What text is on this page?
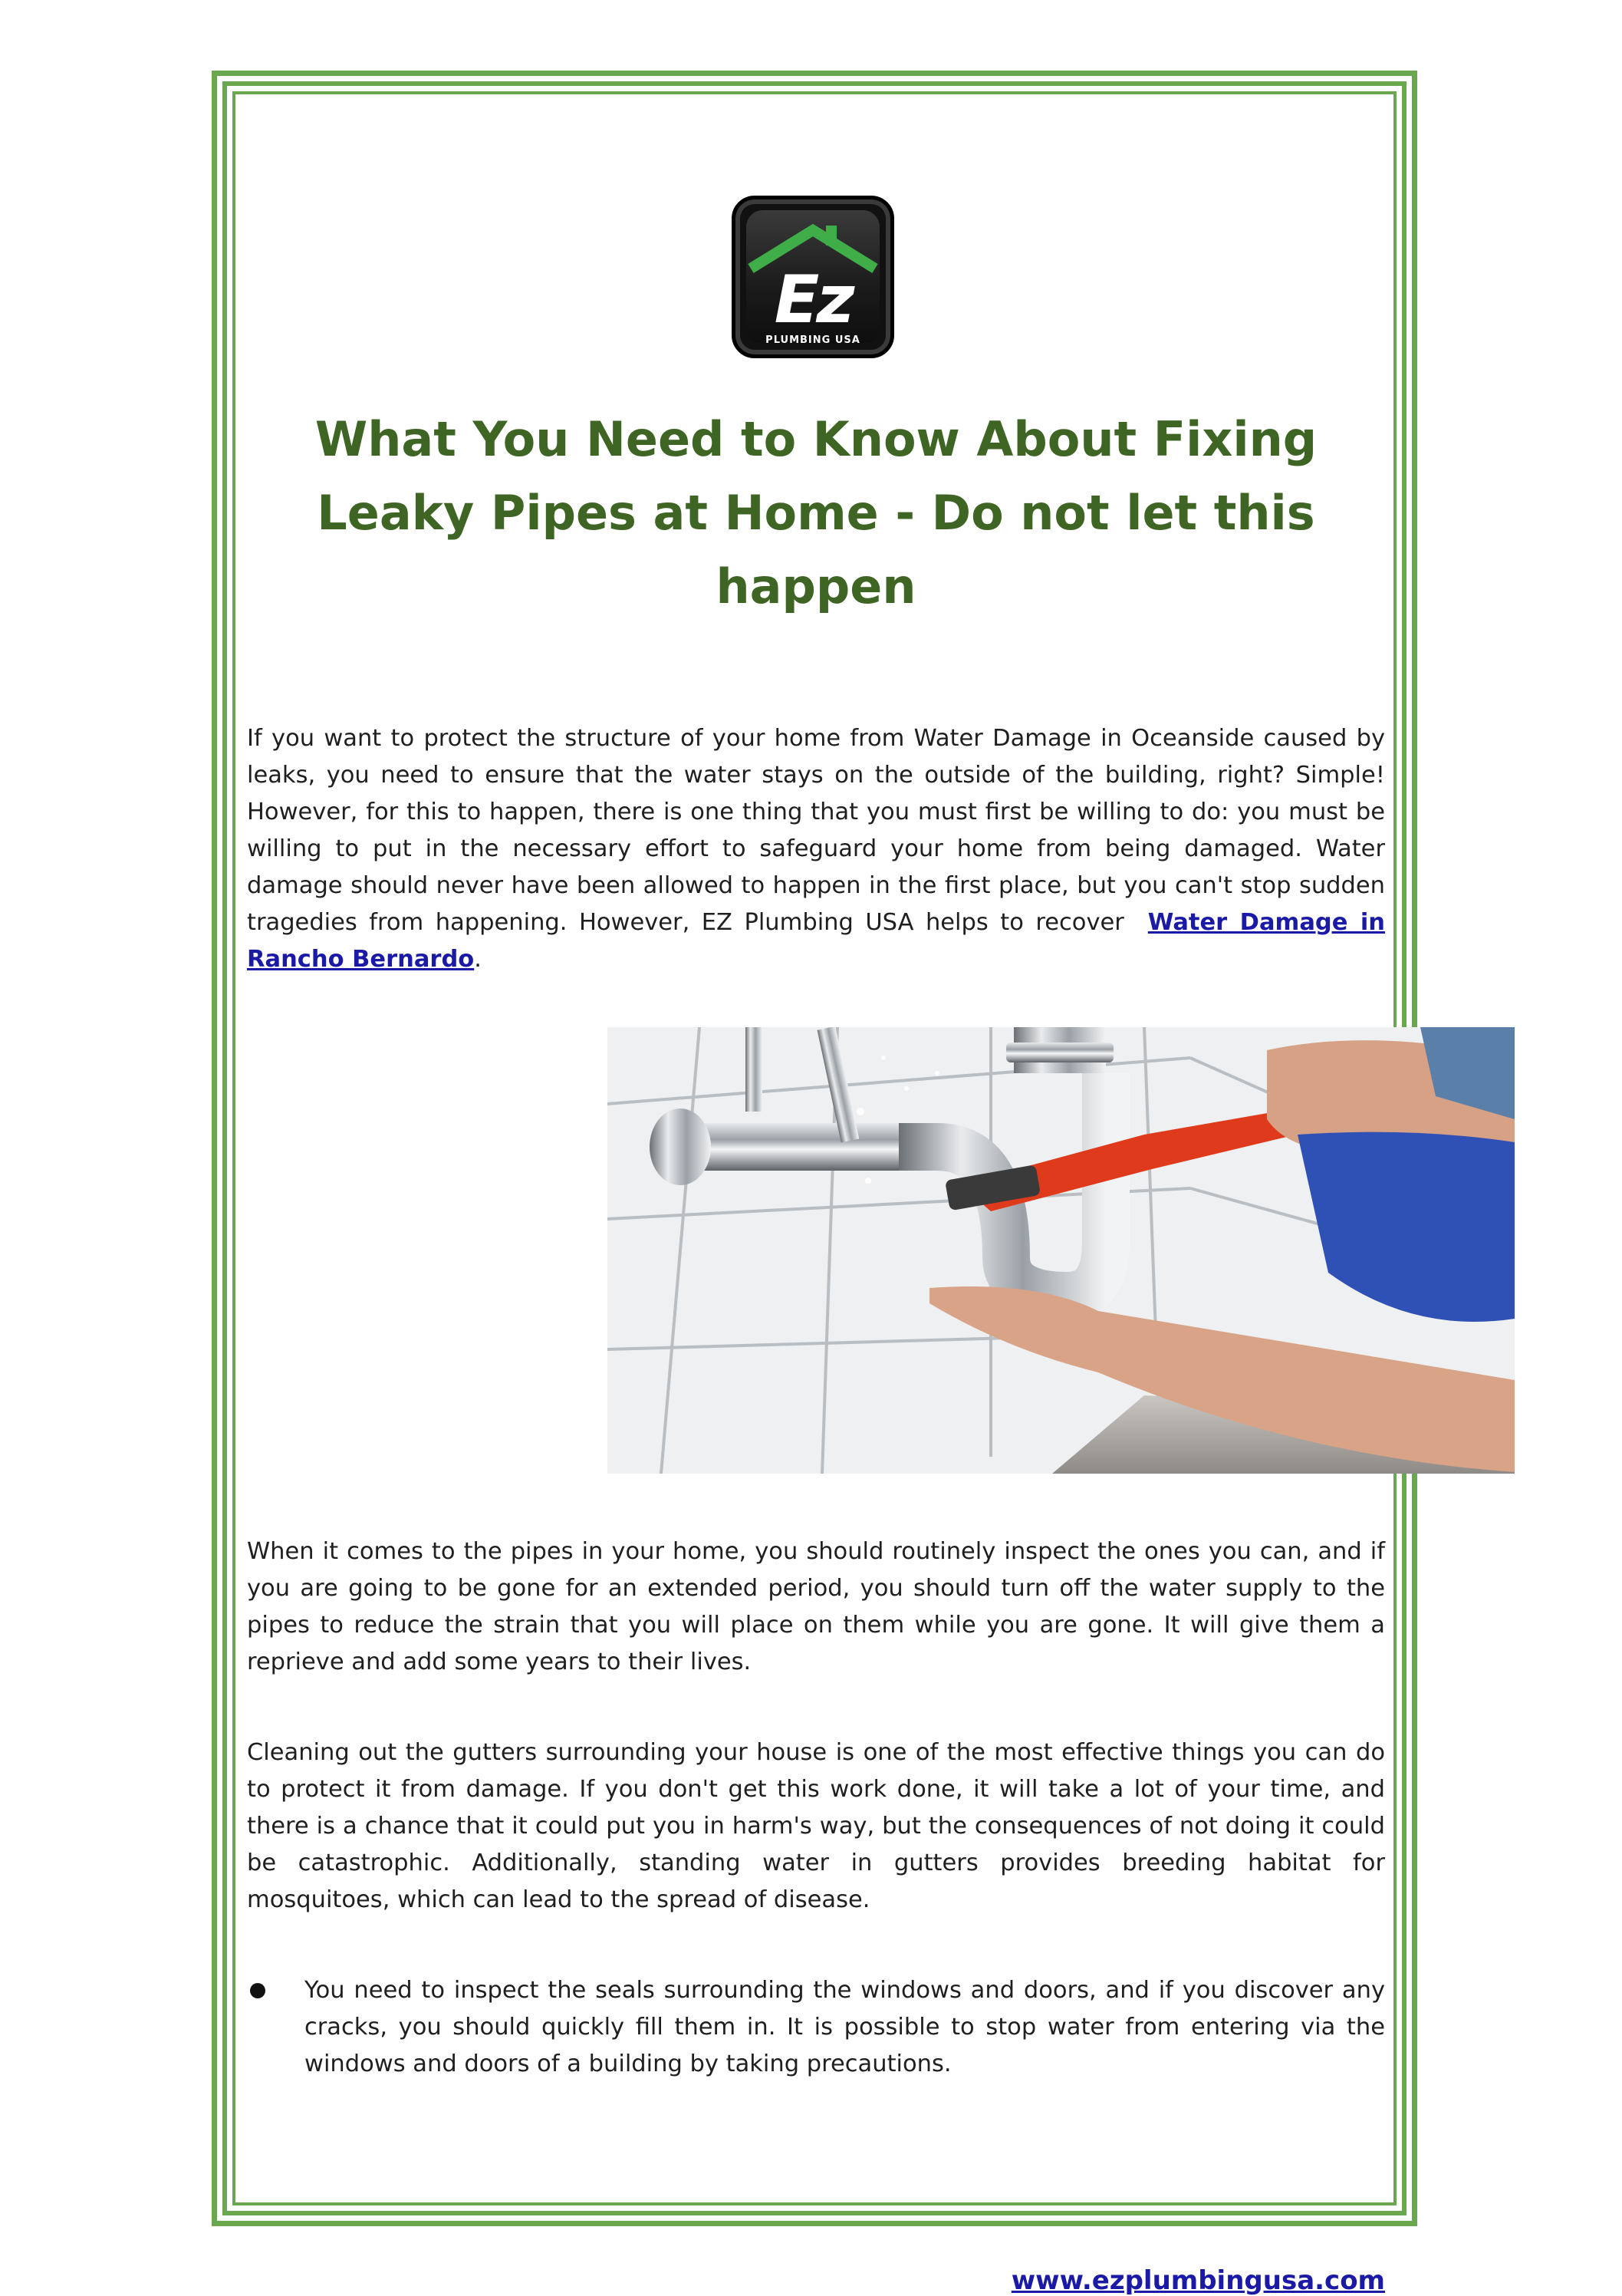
Ez
PLUMBING USA
What You Need to Know About Fixing Leaky Pipes at Home - Do not let this happen

If you want to protect the structure of your home from Water Damage in Oceanside caused by leaks, you need to ensure that the water stays on the outside of the building, right? Simple! However, for this to happen, there is one thing that you must first be willing to do: you must be willing to put in the necessary effort to safeguard your home from being damaged. Water damage should never have been allowed to happen in the first place, but you can't stop sudden tragedies from happening. However, EZ Plumbing USA helps to recover Water Damage in Rancho Bernardo.

When it comes to the pipes in your home, you should routinely inspect the ones you can, and if you are going to be gone for an extended period, you should turn off the water supply to the pipes to reduce the strain that you will place on them while you are gone. It will give them a reprieve and add some years to their lives.

Cleaning out the gutters surrounding your house is one of the most effective things you can do to protect it from damage. If you don't get this work done, it will take a lot of your time, and there is a chance that it could put you in harm's way, but the consequences of not doing it could be catastrophic. Additionally, standing water in gutters provides breeding habitat for mosquitoes, which can lead to the spread of disease.

You need to inspect the seals surrounding the windows and doors, and if you discover any cracks, you should quickly fill them in. It is possible to stop water from entering via the windows and doors of a building by taking precautions.

www.ezplumbingusa.com
